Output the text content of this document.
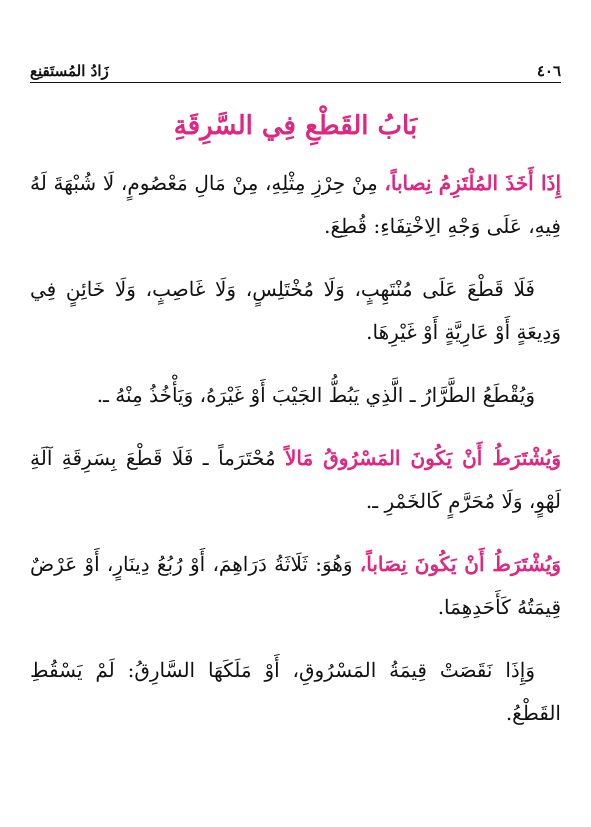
٤٠٦
زَادُ المُستَقنِع
بَابُ القَطْعِ فِي السَّرِقَةِ

إِذَا أَخَذَ المُلْتَزِمُ نِصاباً، مِنْ حِرْزِ مِثْلِهِ، مِنْ مَالِ مَعْصُومٍ، لَا شُبْهَةَ لَهُ فِيهِ، عَلَى وَجْهِ الِاخْتِفَاءِ: قُطِعَ.

فَلَا قَطْعَ عَلَى مُنْتَهِبٍ، وَلَا مُخْتَلِسٍ، وَلَا غَاصِبٍ، وَلَا خَائِنٍ فِي وَدِيعَةٍ أَوْ عَارِيَّةٍ أَوْ غَيْرِهَا.

وَيُقْطَعُ الطَّرَّارُ ـ الَّذِي يَبُطُّ الجَيْبَ أَوْ غَيْرَهُ، وَيَأْخُذُ مِنْهُ ـ.

وَيُشْتَرَطُ أَنْ يَكُونَ المَسْرُوقُ مَالاً مُحْتَرَماً ـ فَلَا قَطْعَ بِسَرِقَةِ آلَةِ لَهْوٍ، وَلَا مُحَرَّمٍ كَالخَمْرِ ـ.

وَيُشْتَرَطُ أَنْ يَكُونَ نِصَاباً، وَهُوَ: ثَلَاثَةُ دَرَاهِمَ، أَوْ رُبُعُ دِينَارٍ، أَوْ عَرْضٌ قِيمَتُهُ كَأَحَدِهِمَا.

وَإِذَا نَقَصَتْ قِيمَةُ المَسْرُوقِ، أَوْ مَلَكَهَا السَّارِقُ: لَمْ يَسْقُطِ القَطْعُ.
